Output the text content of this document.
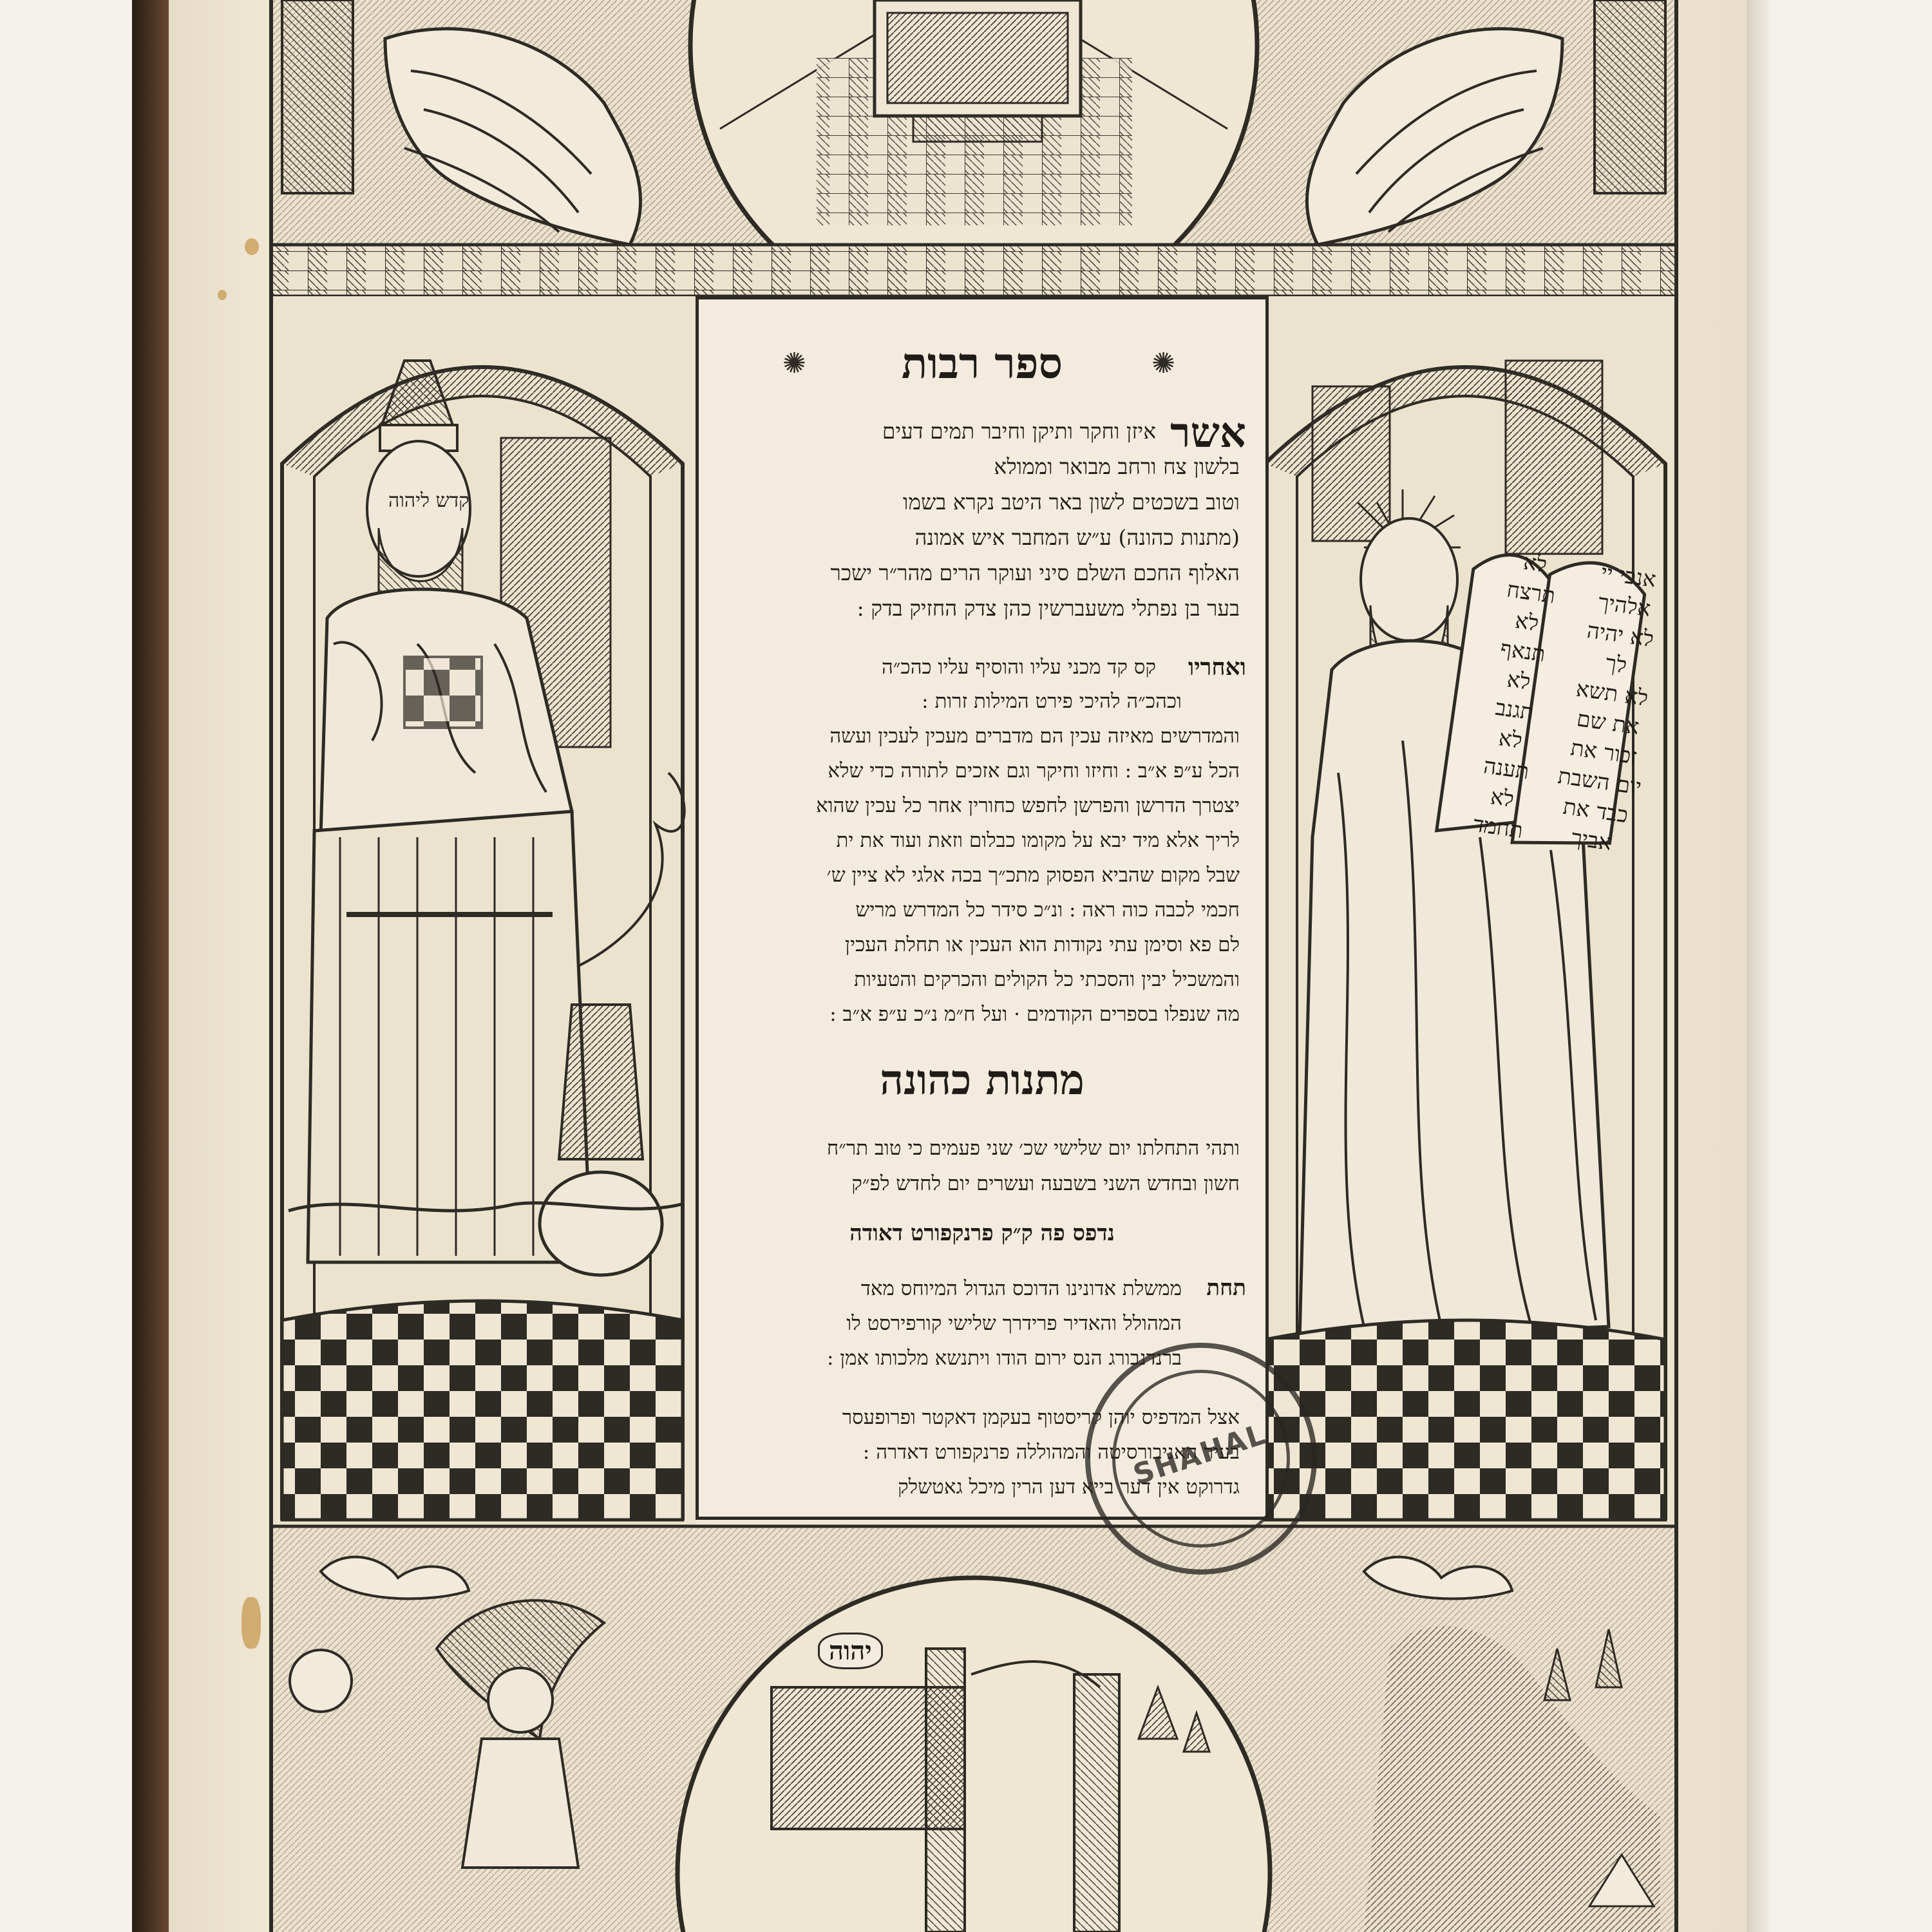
קדש ליהוה
לא
תרצח
לא
תנאף
לא
תגנב
לא
תענה
לא
תחמד
אנכי יי
אלהיך
לא יהיה
לך
לא תשא
את שם
זכור את
יום השבת
כבד את
אביך
יהוה
✺	✺
ספר רבות
אשר
איזן וחקר ותיקן וחיבר תמים דעים
בלשון צח ורחב מבואר וממולא
וטוב בשכטים לשון באר היטב נקרא בשמו
(מתנות כהונה) ע״ש המחבר איש אמונה
האלוף החכם השלם סיני ועוקר הרים מהר״ר ישכר
בער בן נפתלי משעברשין כהן צדק החזיק בדק :
ואחריו
קס קד מכני עליו והוסיף עליו כהכ״ה
וכהכ״ה להיכי פירט המילות זרות :
והמדרשים מאיזה עכין הם מדברים מעכין לעכין ועשה
הכל ע״פ א״ב : וחיזו וחיקר וגם אזכים לתורה כדי שלא
יצטרך הדרשן והפרשן לחפש כחורין אחר כל עכין שהוא
לריך אלא מיד יבא על מקומו כבלום וזאת ועוד את ית
שבל מקום שהביא הפסוק מתכ״ך בכה אלגי לא ציין ש׳
חכמי לכבה כוה ראה : ונ״כ סידר כל המדרש מריש
לם פא וסימן עתי נקודות הוא העכין או תחלת העכין
והמשכיל יבין והסכתי כל הקולים והכרקים והטעיות
מה שנפלו בספרים הקודמים · ועל ח״מ נ״כ ע״פ א״ב :
מתנות כהונה
ותהי התחלתו יום שלישי שכ׳ שני פעמים כי טוב תר״ח
חשון ובחדש השני בשבעה ועשרים יום לחדש לפ״ק
נדפס פה ק״ק פרנקפורט דאודה
תחת
ממשלת אדונינו הדוכס הגדול המיוחס מאד
המהולל והאדיר פרידרך שלישי קורפירסט לו
ברנדנבורג הנס ירום הודו ויתנשא מלכותו אמן :
אצל המדפיס יוהן קריסטוף בעקמן דאקטר ופרופעסר
בעיר האניבורסיטה והמהוללה פרנקפורט דאדרה :
גדרוקט אין דער בייא דען הרין מיכל גאטשלק
SHAHAL
